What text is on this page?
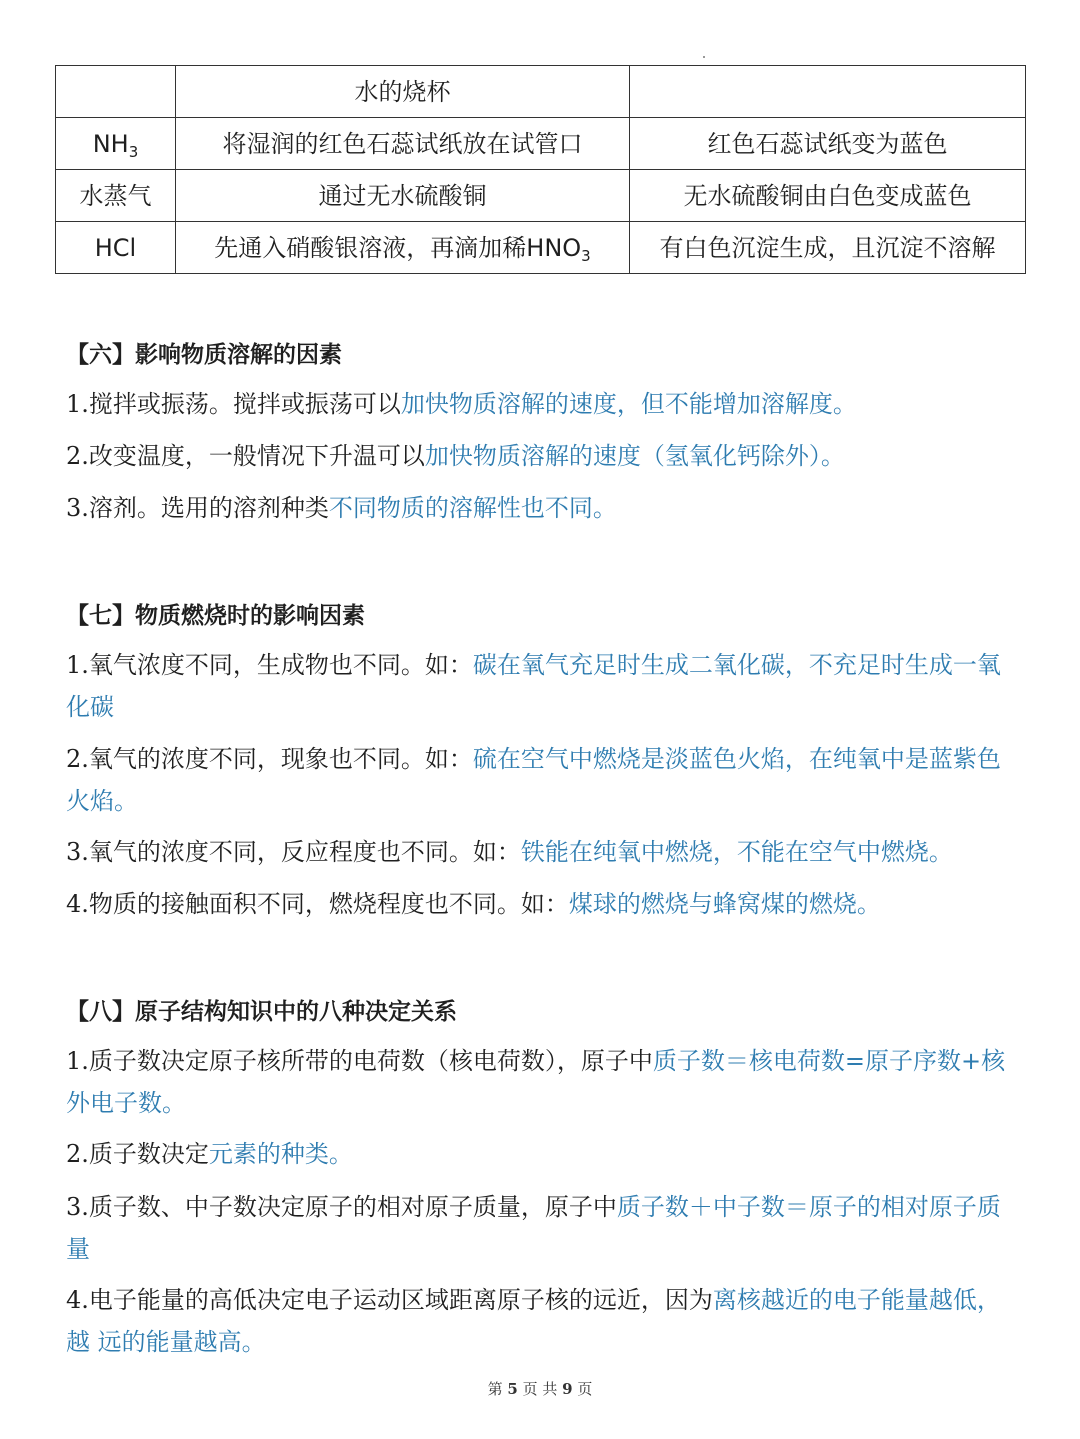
	水的烧杯	
$NH_3$	将湿润的红色石蕊试纸放在试管口	红色石蕊试纸变为蓝色
水蒸气	通过无水硫酸铜	无水硫酸铜由白色变成蓝色
HCl	先通入硝酸银溶液，再滴加稀$HNO_3$	有白色沉淀生成，且沉淀不溶解
【六】影响物质溶解的因素
1.搅拌或振荡。搅拌或振荡可以加快物质溶解的速度，但不能增加溶解度。
2.改变温度，一般情况下升温可以加快物质溶解的速度（氢氧化钙除外）。
3.溶剂。选用的溶剂种类不同物质的溶解性也不同。
【七】物质燃烧时的影响因素
1.氧气浓度不同，生成物也不同。如：碳在氧气充足时生成二氧化碳，不充足时生成一氧化碳
2.氧气的浓度不同，现象也不同。如：硫在空气中燃烧是淡蓝色火焰，在纯氧中是蓝紫色火焰。
3.氧气的浓度不同，反应程度也不同。如：铁能在纯氧中燃烧，不能在空气中燃烧。
4.物质的接触面积不同，燃烧程度也不同。如：煤球的燃烧与蜂窝煤的燃烧。
【八】原子结构知识中的八种决定关系
1.质子数决定原子核所带的电荷数（核电荷数），原子中质子数＝核电荷数=原子序数+核外电子数。
2.质子数决定元素的种类。
3.质子数、中子数决定原子的相对原子质量，原子中质子数＋中子数＝原子的相对原子质量
4.电子能量的高低决定电子运动区域距离原子核的远近，因为离核越近的电子能量越低，越 远的能量越高。
第 5 页 共 9 页
